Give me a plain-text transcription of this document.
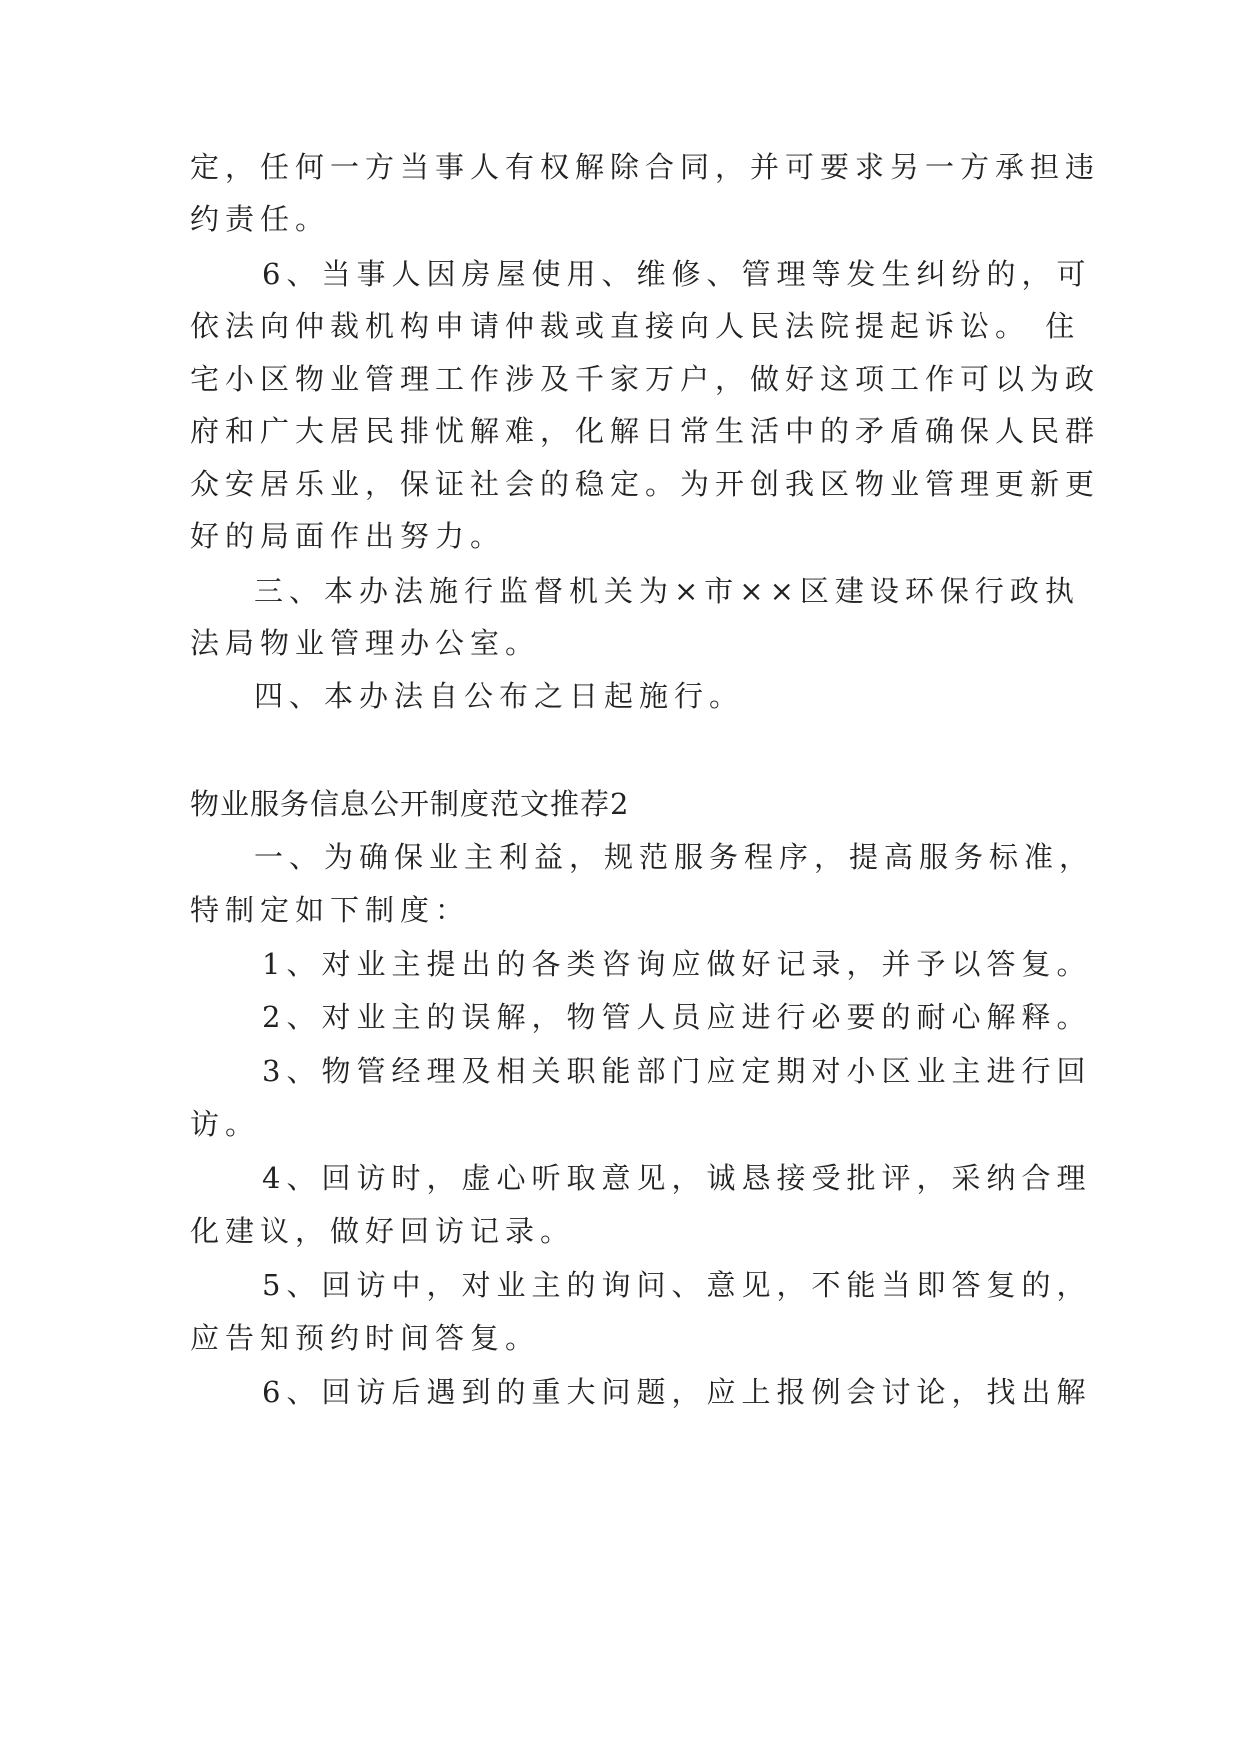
定，任何一方当事人有权解除合同，并可要求另一方承担违
约责任。
6、当事人因房屋使用、维修、管理等发生纠纷的，可
依法向仲裁机构申请仲裁或直接向人民法院提起诉讼。 住
宅小区物业管理工作涉及千家万户，做好这项工作可以为政
府和广大居民排忧解难，化解日常生活中的矛盾确保人民群
众安居乐业，保证社会的稳定。为开创我区物业管理更新更
好的局面作出努力。
三、本办法施行监督机关为×市××区建设环保行政执
法局物业管理办公室。
四、本办法自公布之日起施行。
物业服务信息公开制度范文推荐2
一、为确保业主利益，规范服务程序，提高服务标准，
特制定如下制度：
1、对业主提出的各类咨询应做好记录，并予以答复。
2、对业主的误解，物管人员应进行必要的耐心解释。
3、物管经理及相关职能部门应定期对小区业主进行回
访。
4、回访时，虚心听取意见，诚恳接受批评，采纳合理
化建议，做好回访记录。
5、回访中，对业主的询问、意见，不能当即答复的，
应告知预约时间答复。
6、回访后遇到的重大问题，应上报例会讨论，找出解
